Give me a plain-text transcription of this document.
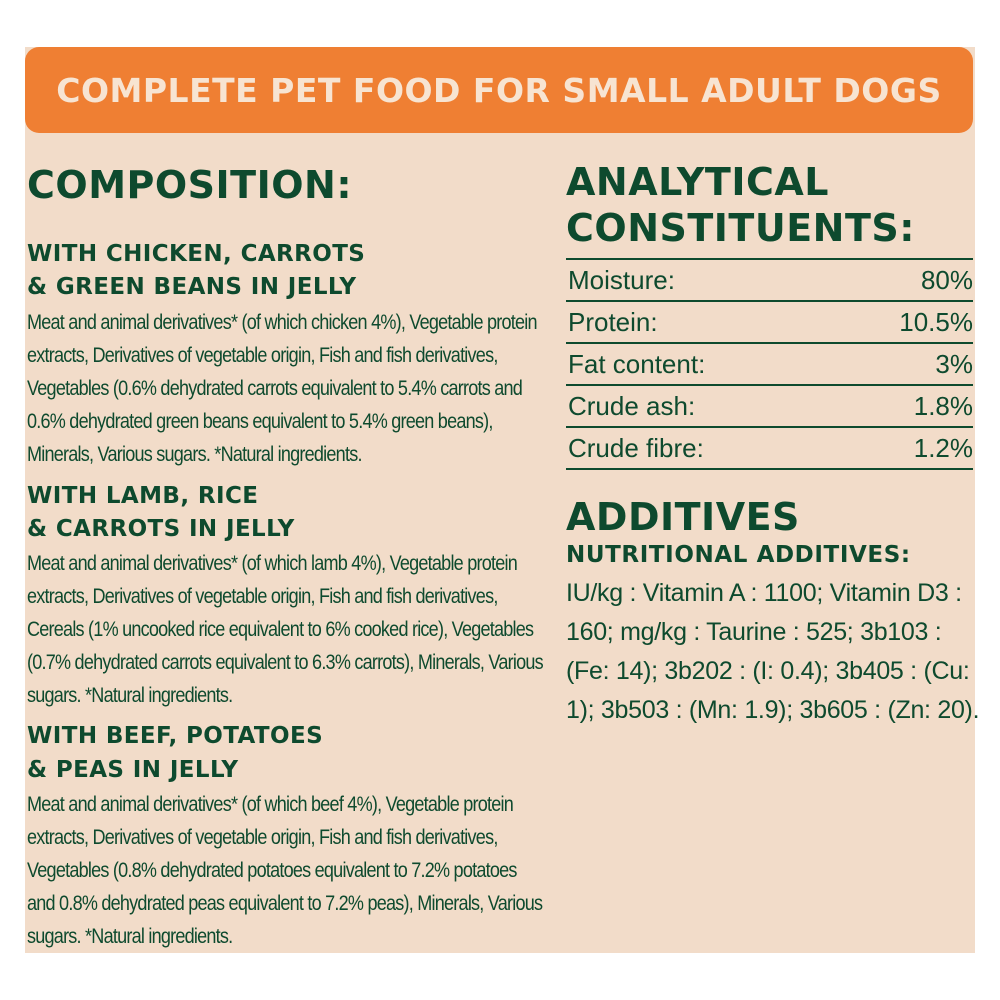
COMPLETE PET FOOD FOR SMALL ADULT DOGS
COMPOSITION:
WITH CHICKEN, CARROTS
& GREEN BEANS IN JELLY
Meat and animal derivatives* (of which chicken 4%), Vegetable protein extracts, Derivatives of vegetable origin, Fish and fish derivatives, Vegetables (0.6% dehydrated carrots equivalent to 5.4% carrots and 0.6% dehydrated green beans equivalent to 5.4% green beans), Minerals, Various sugars. *Natural ingredients.
WITH LAMB, RICE
& CARROTS IN JELLY
Meat and animal derivatives* (of which lamb 4%), Vegetable protein extracts, Derivatives of vegetable origin, Fish and fish derivatives, Cereals (1% uncooked rice equivalent to 6% cooked rice), Vegetables (0.7% dehydrated carrots equivalent to 6.3% carrots), Minerals, Various sugars. *Natural ingredients.
WITH BEEF, POTATOES
& PEAS IN JELLY
Meat and animal derivatives* (of which beef 4%), Vegetable protein extracts, Derivatives of vegetable origin, Fish and fish derivatives, Vegetables (0.8% dehydrated potatoes equivalent to 7.2% potatoes and 0.8% dehydrated peas equivalent to 7.2% peas), Minerals, Various sugars. *Natural ingredients.
ANALYTICAL
CONSTITUENTS:
Moisture:	80%
Protein:	10.5%
Fat content:	3%
Crude ash:	1.8%
Crude fibre:	1.2%
ADDITIVES
NUTRITIONAL ADDITIVES:
IU/kg : Vitamin A : 1100; Vitamin D3 : 160; mg/kg : Taurine : 525; 3b103 : (Fe: 14); 3b202 : (I: 0.4); 3b405 : (Cu: 1); 3b503 : (Mn: 1.9); 3b605 : (Zn: 20).
